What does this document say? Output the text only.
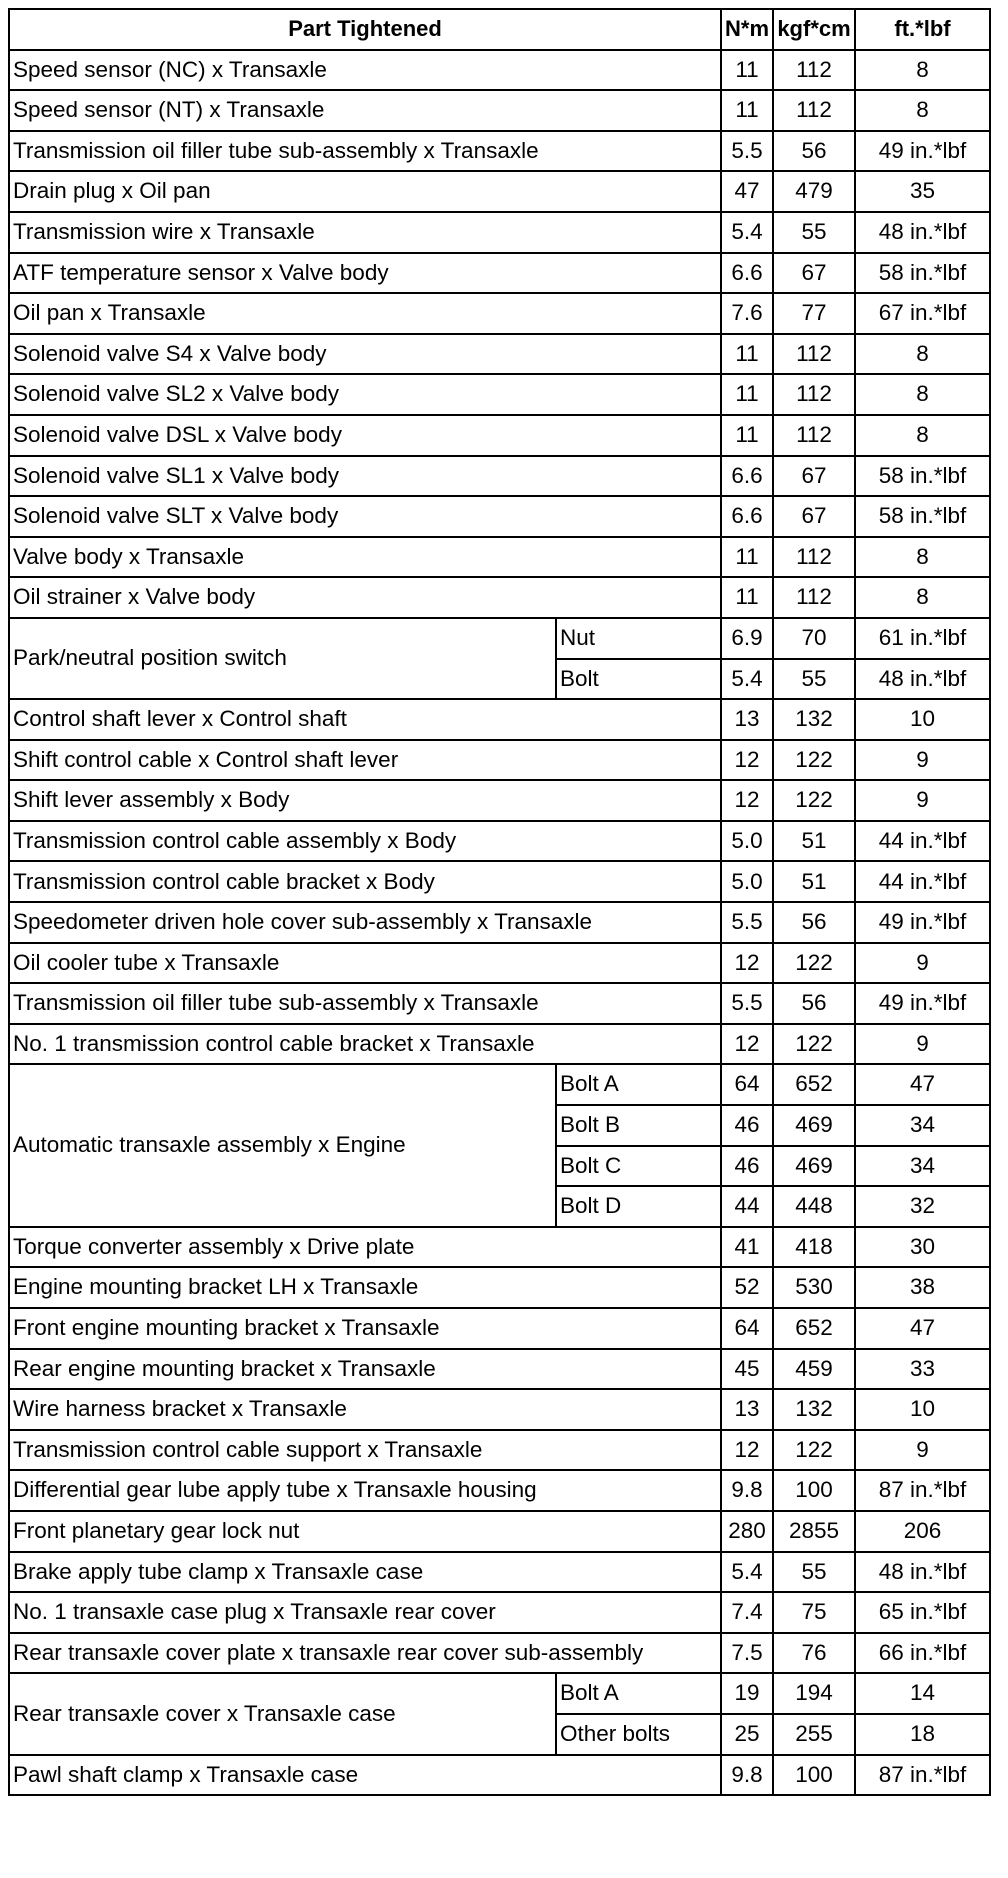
Part Tightened		N*m	kgf*cm	ft.*lbf
Speed sensor (NC) x Transaxle		11	112	8
Speed sensor (NT) x Transaxle		11	112	8
Transmission oil filler tube sub-assembly x Transaxle		5.5	56	49 in.*lbf
Drain plug x Oil pan		47	479	35
Transmission wire x Transaxle		5.4	55	48 in.*lbf
ATF temperature sensor x Valve body		6.6	67	58 in.*lbf
Oil pan x Transaxle		7.6	77	67 in.*lbf
Solenoid valve S4 x Valve body		11	112	8
Solenoid valve SL2 x Valve body		11	112	8
Solenoid valve DSL x Valve body		11	112	8
Solenoid valve SL1 x Valve body		6.6	67	58 in.*lbf
Solenoid valve SLT x Valve body		6.6	67	58 in.*lbf
Valve body x Transaxle		11	112	8
Oil strainer x Valve body		11	112	8
Park/neutral position switch	Nut	6.9	70	61 in.*lbf
	Bolt	5.4	55	48 in.*lbf
Control shaft lever x Control shaft		13	132	10
Shift control cable x Control shaft lever		12	122	9
Shift lever assembly x Body		12	122	9
Transmission control cable assembly x Body		5.0	51	44 in.*lbf
Transmission control cable bracket x Body		5.0	51	44 in.*lbf
Speedometer driven hole cover sub-assembly x Transaxle		5.5	56	49 in.*lbf
Oil cooler tube x Transaxle		12	122	9
Transmission oil filler tube sub-assembly x Transaxle		5.5	56	49 in.*lbf
No. 1 transmission control cable bracket x Transaxle		12	122	9
Automatic transaxle assembly x Engine	Bolt A	64	652	47
	Bolt B	46	469	34
	Bolt C	46	469	34
	Bolt D	44	448	32
Torque converter assembly x Drive plate		41	418	30
Engine mounting bracket LH x Transaxle		52	530	38
Front engine mounting bracket x Transaxle		64	652	47
Rear engine mounting bracket x Transaxle		45	459	33
Wire harness bracket x Transaxle		13	132	10
Transmission control cable support x Transaxle		12	122	9
Differential gear lube apply tube x Transaxle housing		9.8	100	87 in.*lbf
Front planetary gear lock nut		280	2855	206
Brake apply tube clamp x Transaxle case		5.4	55	48 in.*lbf
No. 1 transaxle case plug x Transaxle rear cover		7.4	75	65 in.*lbf
Rear transaxle cover plate x transaxle rear cover sub-assembly		7.5	76	66 in.*lbf
Rear transaxle cover x Transaxle case	Bolt A	19	194	14
	Other bolts	25	255	18
Pawl shaft clamp x Transaxle case		9.8	100	87 in.*lbf
